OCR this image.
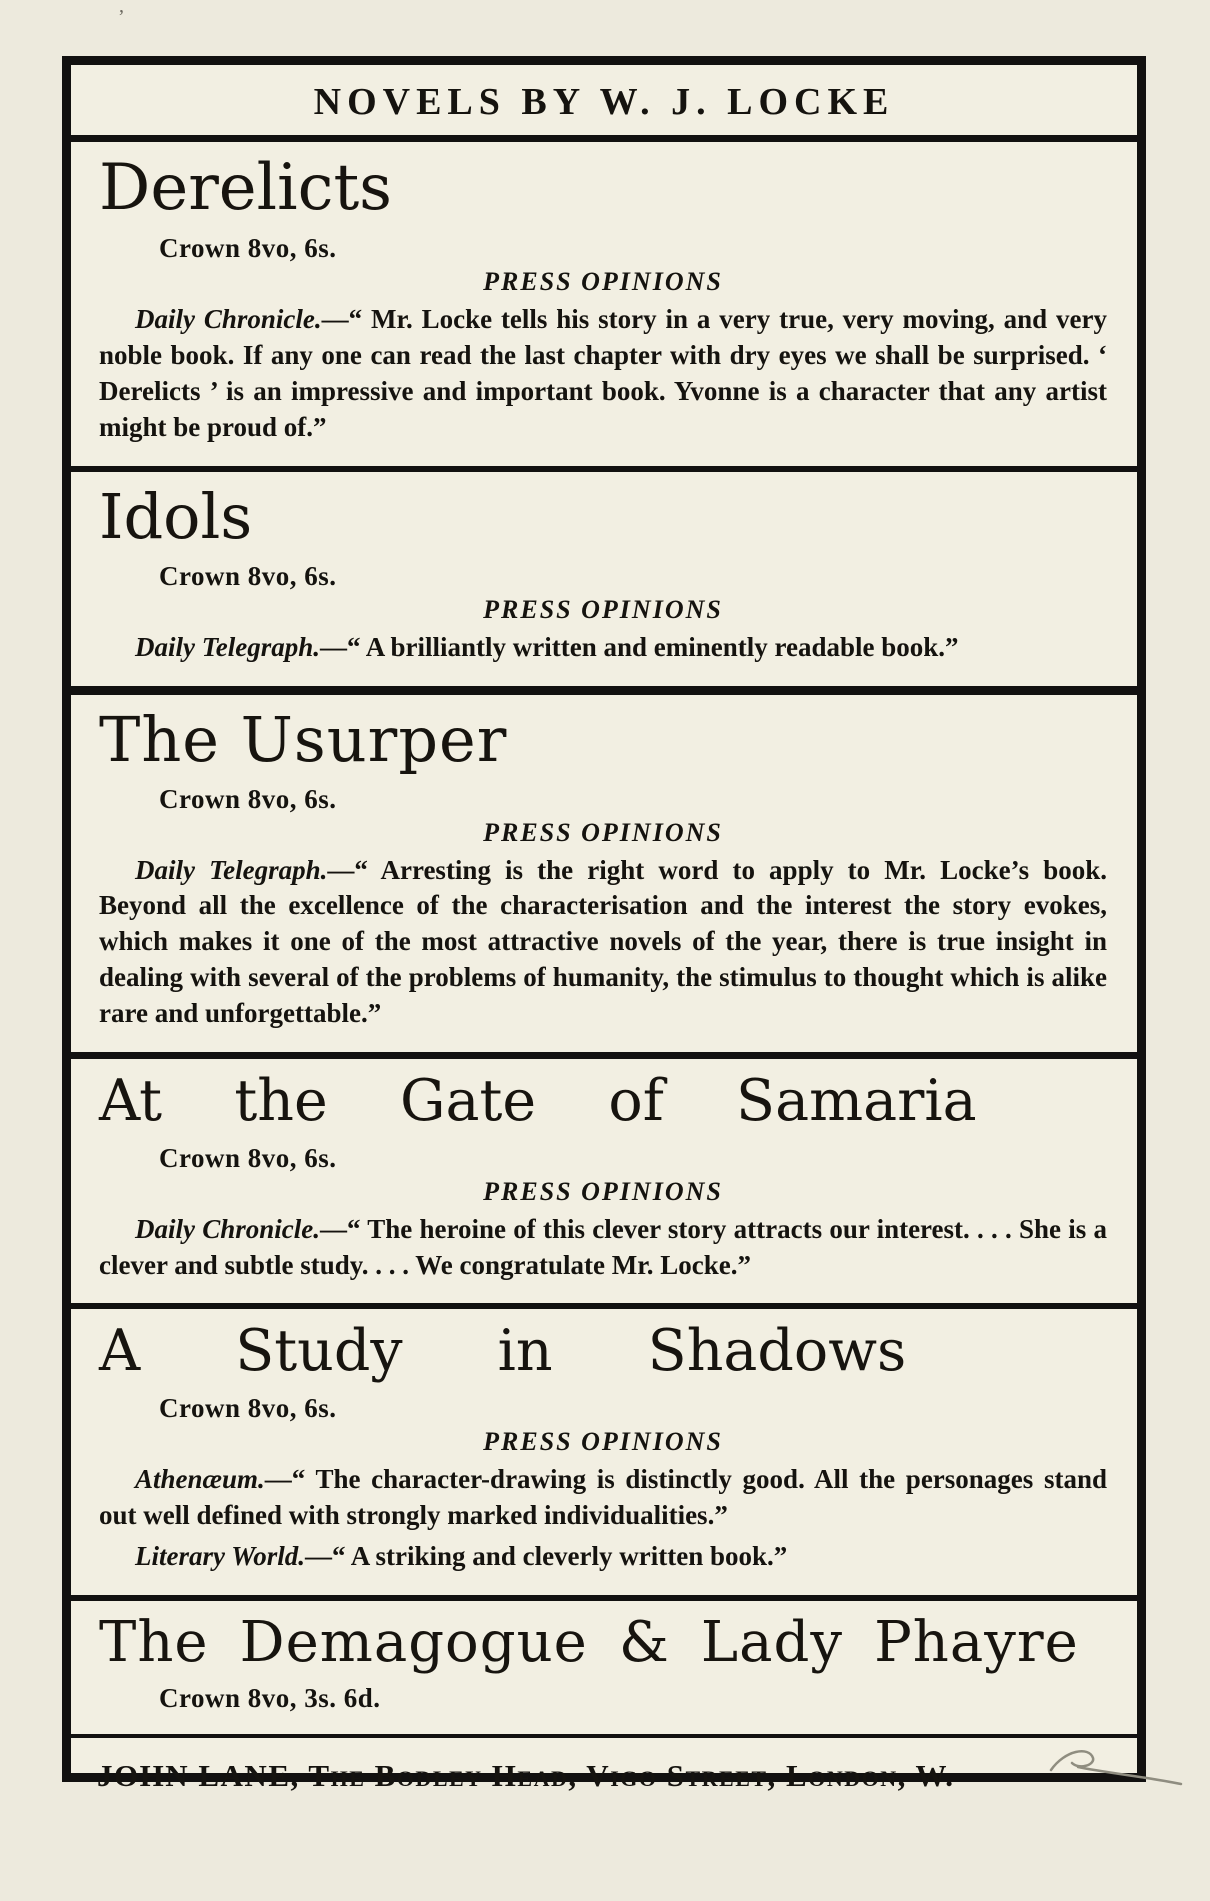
’
NOVELS BY W. J. LOCKE
Derelicts
Crown 8vo, 6s.
PRESS OPINIONS

Daily Chronicle.—“ Mr. Locke tells his story in a very true, very moving, and very noble book. If any one can read the last chapter with dry eyes we shall be surprised. ‘ Derelicts ’ is an impressive and important book. Yvonne is a character that any artist might be proud of.”

Idols
Crown 8vo, 6s.
PRESS OPINIONS

Daily Telegraph.—“ A brilliantly written and eminently readable book.”

The Usurper
Crown 8vo, 6s.
PRESS OPINIONS

Daily Telegraph.—“ Arresting is the right word to apply to Mr. Locke’s book. Beyond all the excellence of the characterisation and the interest the story evokes, which makes it one of the most attractive novels of the year, there is true insight in dealing with several of the problems of humanity, the stimulus to thought which is alike rare and unforgettable.”

At the Gate of Samaria
Crown 8vo, 6s.
PRESS OPINIONS

Daily Chronicle.—“ The heroine of this clever story attracts our interest. . . . She is a clever and subtle study. . . . We congratulate Mr. Locke.”

A Study in Shadows
Crown 8vo, 6s.
PRESS OPINIONS

Athenæum.—“ The character-drawing is distinctly good. All the personages stand out well defined with strongly marked individualities.”

Literary World.—“ A striking and cleverly written book.”

The Demagogue & Lady Phayre
Crown 8vo, 3s. 6d.
JOHN LANE, The Bodley Head, Vigo Street, London, W.
